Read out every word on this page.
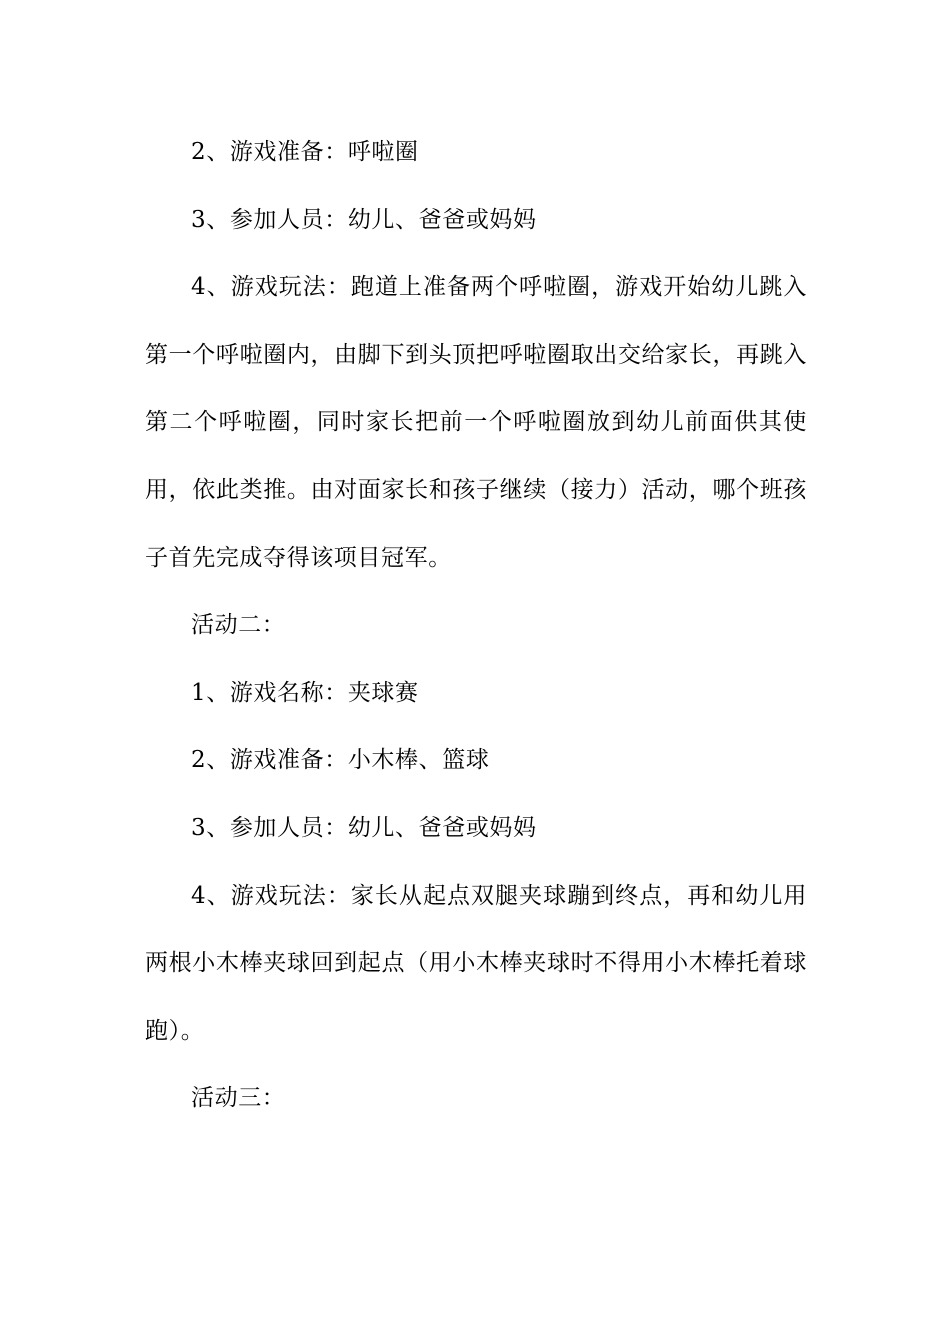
2、游戏准备：呼啦圈

3、参加人员：幼儿、爸爸或妈妈

4、游戏玩法：跑道上准备两个呼啦圈，游戏开始幼儿跳入第一个呼啦圈内，由脚下到头顶把呼啦圈取出交给家长，再跳入第二个呼啦圈，同时家长把前一个呼啦圈放到幼儿前面供其使用，依此类推。由对面家长和孩子继续（接力）活动，哪个班孩子首先完成夺得该项目冠军。

活动二：

1、游戏名称：夹球赛

2、游戏准备：小木棒、篮球

3、参加人员：幼儿、爸爸或妈妈

4、游戏玩法：家长从起点双腿夹球蹦到终点，再和幼儿用两根小木棒夹球回到起点（用小木棒夹球时不得用小木棒托着球跑）。

活动三：
